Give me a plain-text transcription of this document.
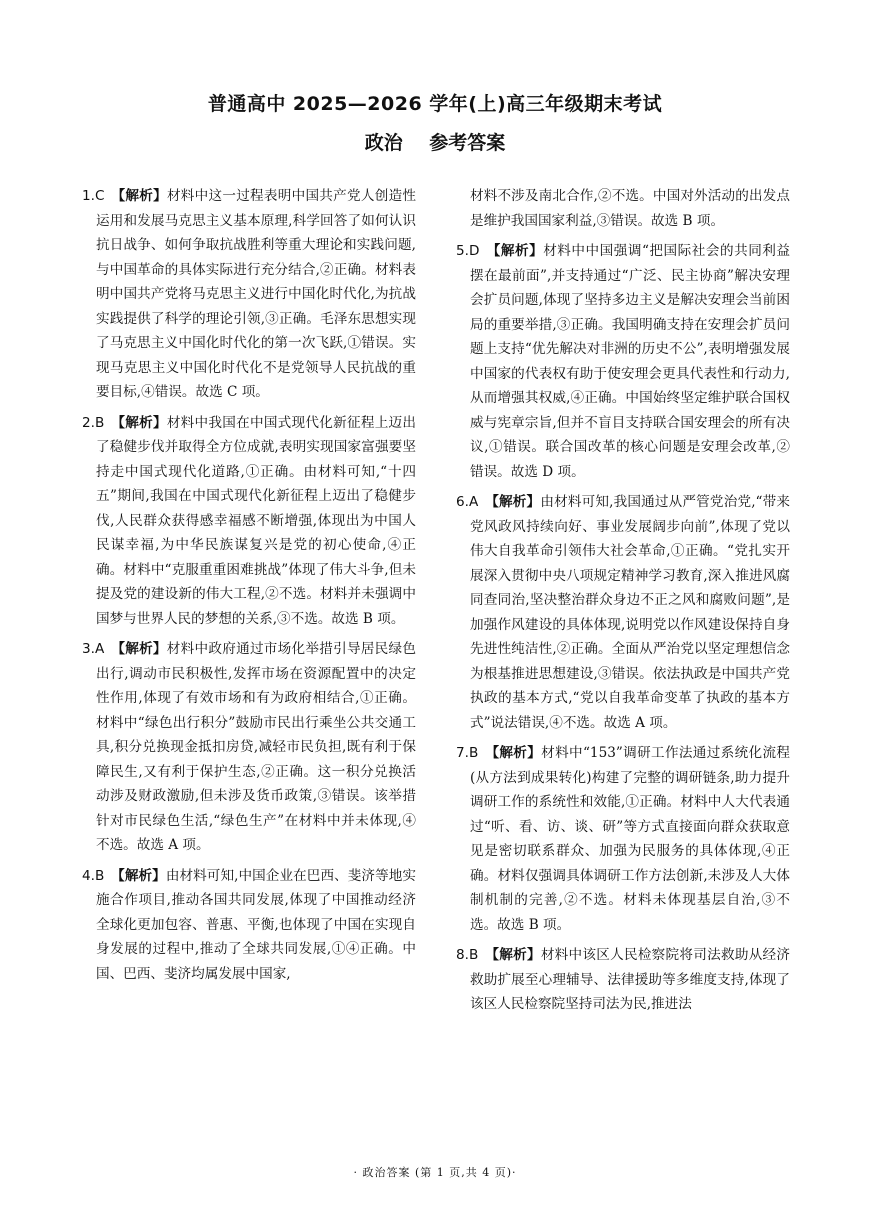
普通高中 2025—2026 学年(上)高三年级期末考试
政治    参考答案
1.C  【解析】材料中这一过程表明中国共产党人创造性运用和发展马克思主义基本原理,科学回答了如何认识抗日战争、如何争取抗战胜利等重大理论和实践问题,与中国革命的具体实际进行充分结合,②正确。材料表明中国共产党将马克思主义进行中国化时代化,为抗战实践提供了科学的理论引领,③正确。毛泽东思想实现了马克思主义中国化时代化的第一次飞跃,①错误。实现马克思主义中国化时代化不是党领导人民抗战的重要目标,④错误。故选 C 项。
2.B  【解析】材料中我国在中国式现代化新征程上迈出了稳健步伐并取得全方位成就,表明实现国家富强要坚持走中国式现代化道路,①正确。由材料可知,“十四五”期间,我国在中国式现代化新征程上迈出了稳健步伐,人民群众获得感幸福感不断增强,体现出为中国人民谋幸福,为中华民族谋复兴是党的初心使命,④正确。材料中“克服重重困难挑战”体现了伟大斗争,但未提及党的建设新的伟大工程,②不选。材料并未强调中国梦与世界人民的梦想的关系,③不选。故选 B 项。
3.A  【解析】材料中政府通过市场化举措引导居民绿色出行,调动市民积极性,发挥市场在资源配置中的决定性作用,体现了有效市场和有为政府相结合,①正确。材料中“绿色出行积分”鼓励市民出行乘坐公共交通工具,积分兑换现金抵扣房贷,减轻市民负担,既有利于保障民生,又有利于保护生态,②正确。这一积分兑换活动涉及财政激励,但未涉及货币政策,③错误。该举措针对市民绿色生活,“绿色生产”在材料中并未体现,④不选。故选 A 项。
4.B  【解析】由材料可知,中国企业在巴西、斐济等地实施合作项目,推动各国共同发展,体现了中国推动经济全球化更加包容、普惠、平衡,也体现了中国在实现自身发展的过程中,推动了全球共同发展,①④正确。中国、巴西、斐济均属发展中国家,
材料不涉及南北合作,②不选。中国对外活动的出发点是维护我国国家利益,③错误。故选 B 项。
5.D  【解析】材料中中国强调“把国际社会的共同利益摆在最前面”,并支持通过“广泛、民主协商”解决安理会扩员问题,体现了坚持多边主义是解决安理会当前困局的重要举措,③正确。我国明确支持在安理会扩员问题上支持“优先解决对非洲的历史不公”,表明增强发展中国家的代表权有助于使安理会更具代表性和行动力,从而增强其权威,④正确。中国始终坚定维护联合国权威与宪章宗旨,但并不盲目支持联合国安理会的所有决议,①错误。联合国改革的核心问题是安理会改革,②错误。故选 D 项。
6.A  【解析】由材料可知,我国通过从严管党治党,“带来党风政风持续向好、事业发展阔步向前”,体现了党以伟大自我革命引领伟大社会革命,①正确。“党扎实开展深入贯彻中央八项规定精神学习教育,深入推进风腐同查同治,坚决整治群众身边不正之风和腐败问题”,是加强作风建设的具体体现,说明党以作风建设保持自身先进性纯洁性,②正确。全面从严治党以坚定理想信念为根基推进思想建设,③错误。依法执政是中国共产党执政的基本方式,“党以自我革命变革了执政的基本方式”说法错误,④不选。故选 A 项。
7.B  【解析】材料中“153”调研工作法通过系统化流程(从方法到成果转化)构建了完整的调研链条,助力提升调研工作的系统性和效能,①正确。材料中人大代表通过“听、看、访、谈、研”等方式直接面向群众获取意见是密切联系群众、加强为民服务的具体体现,④正确。材料仅强调具体调研工作方法创新,未涉及人大体制机制的完善,②不选。材料未体现基层自治,③不选。故选 B 项。
8.B  【解析】材料中该区人民检察院将司法救助从经济救助扩展至心理辅导、法律援助等多维度支持,体现了该区人民检察院坚持司法为民,推进法
· 政治答案 (第 1 页,共 4 页)·
